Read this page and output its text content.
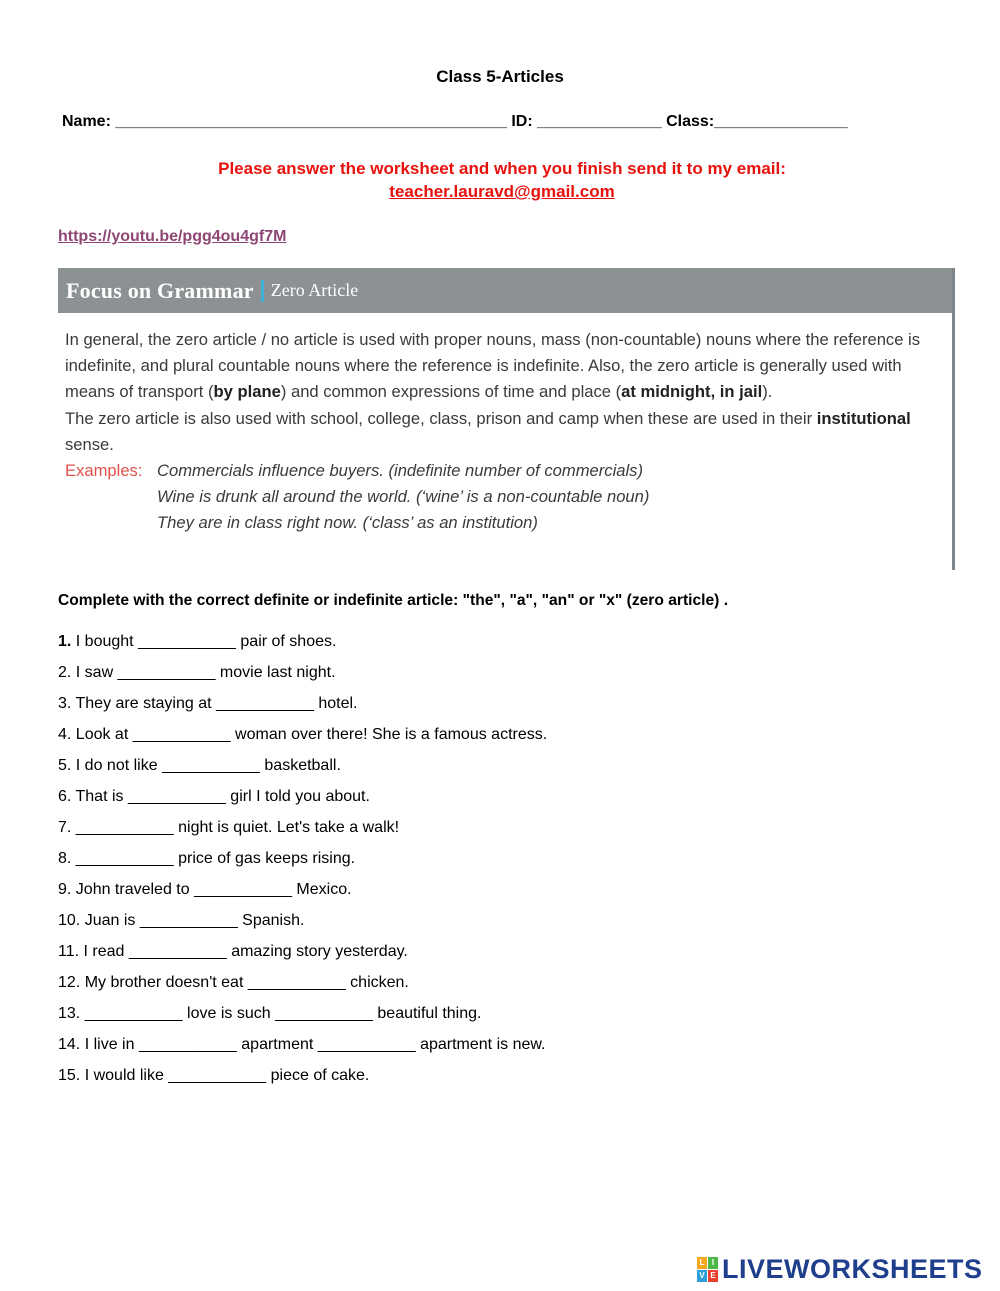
Class 5-Articles
Name: ____________________________________________ ID: ______________ Class:_______________
Please answer the worksheet and when you finish send it to my email:
teacher.lauravd@gmail.com
https://youtu.be/pgg4ou4gf7M
Focus on Grammar Zero Article
In general, the zero article / no article is used with proper nouns, mass (non-countable) nouns where the reference is indefinite, and plural countable nouns where the reference is indefinite. Also, the zero article is generally used with means of transport (by plane) and common expressions of time and place (at midnight, in jail).
The zero article is also used with school, college, class, prison and camp when these are used in their institutional sense.
Examples: Commercials influence buyers. (indefinite number of commercials)
Wine is drunk all around the world. (‘wine’ is a non-countable noun)
They are in class right now. (‘class’ as an institution)
Complete with the correct definite or indefinite article: "the", "a", "an" or "x" (zero article) .
1. I bought ___________ pair of shoes.
2. I saw ___________ movie last night.
3. They are staying at ___________ hotel.
4. Look at ___________ woman over there! She is a famous actress.
5. I do not like ___________ basketball.
6. That is ___________ girl I told you about.
7. ___________ night is quiet. Let's take a walk!
8. ___________ price of gas keeps rising.
9. John traveled to ___________ Mexico.
10. Juan is ___________ Spanish.
11. I read ___________ amazing story yesterday.
12. My brother doesn't eat ___________ chicken.
13. ___________ love is such ___________ beautiful thing.
14. I live in ___________ apartment ___________ apartment is new.
15. I would like ___________ piece of cake.
L I
V E LIVEWORKSHEETS
